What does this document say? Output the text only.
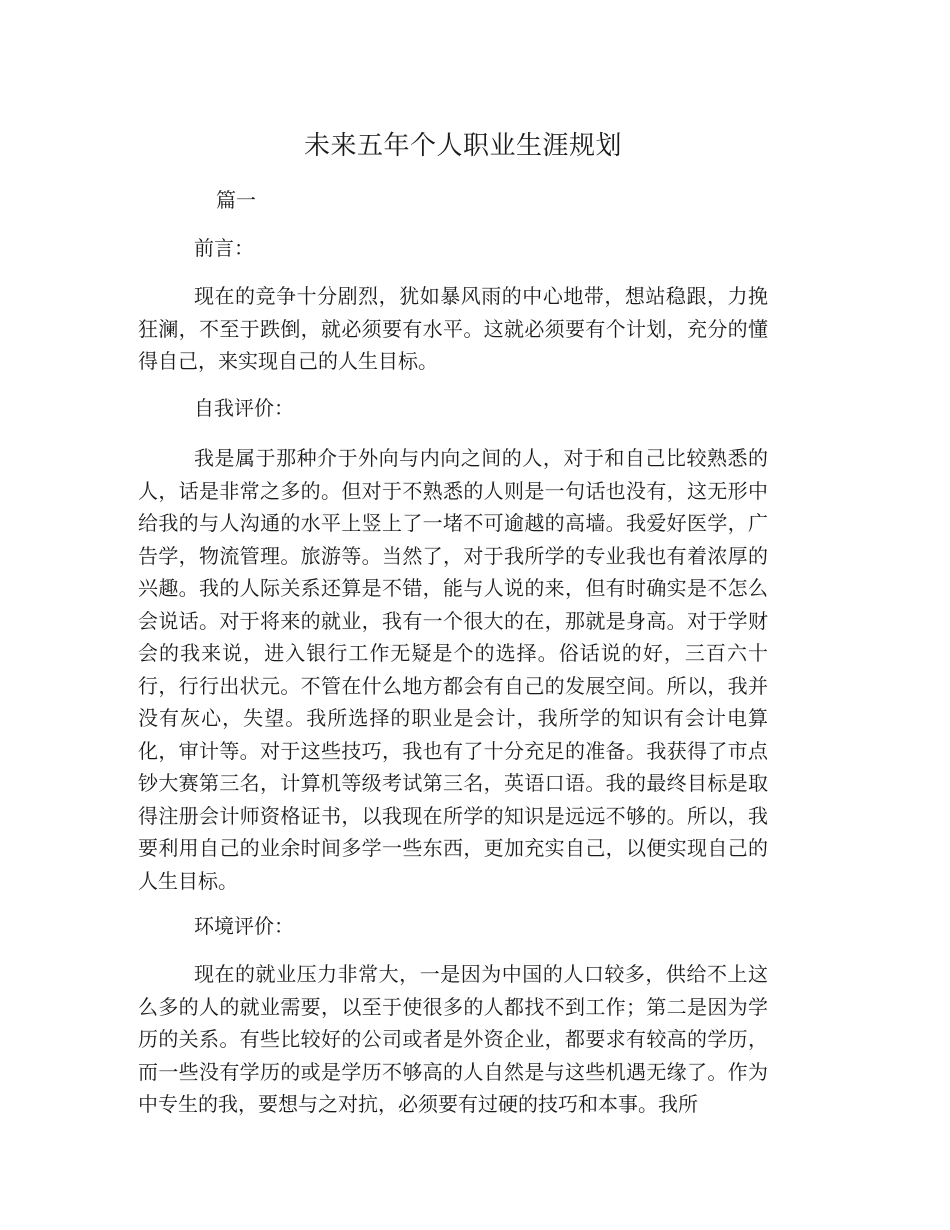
未来五年个人职业生涯规划
篇一
前言：
现在的竞争十分剧烈，犹如暴风雨的中心地带，想站稳跟，力挽狂澜，不至于跌倒，就必须要有水平。这就必须要有个计划，充分的懂得自己，来实现自己的人生目标。
自我评价：
我是属于那种介于外向与内向之间的人，对于和自己比较熟悉的人，话是非常之多的。但对于不熟悉的人则是一句话也没有，这无形中给我的与人沟通的水平上竖上了一堵不可逾越的高墙。我爱好医学，广告学，物流管理。旅游等。当然了，对于我所学的专业我也有着浓厚的兴趣。我的人际关系还算是不错，能与人说的来，但有时确实是不怎么会说话。对于将来的就业，我有一个很大的在，那就是身高。对于学财会的我来说，进入银行工作无疑是个的选择。俗话说的好，三百六十行，行行出状元。不管在什么地方都会有自己的发展空间。所以，我并没有灰心，失望。我所选择的职业是会计，我所学的知识有会计电算化，审计等。对于这些技巧，我也有了十分充足的准备。我获得了市点钞大赛第三名，计算机等级考试第三名，英语口语。我的最终目标是取得注册会计师资格证书，以我现在所学的知识是远远不够的。所以，我要利用自己的业余时间多学一些东西，更加充实自己，以便实现自己的人生目标。
环境评价：
现在的就业压力非常大，一是因为中国的人口较多，供给不上这么多的人的就业需要，以至于使很多的人都找不到工作；第二是因为学历的关系。有些比较好的公司或者是外资企业，都要求有较高的学历，而一些没有学历的或是学历不够高的人自然是与这些机遇无缘了。作为中专生的我，要想与之对抗，必须要有过硬的技巧和本事。我所
